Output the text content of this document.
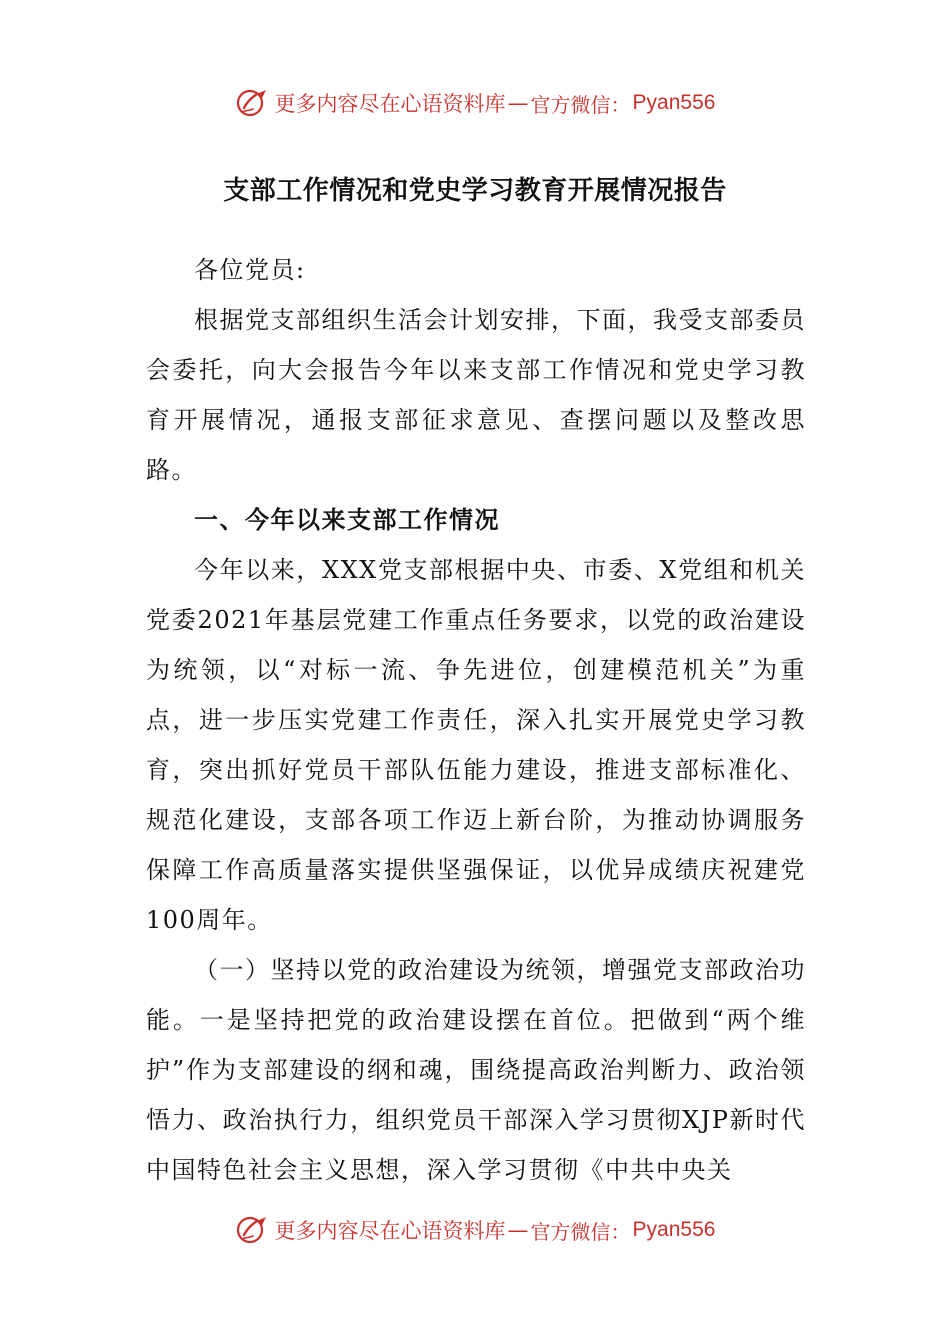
更多内容尽在心语资料库 — 官方微信： Pyan556
支部工作情况和党史学习教育开展情况报告

各位党员:

根据党支部组织生活会计划安排，下面，我受支部委员会委托，向大会报告今年以来支部工作情况和党史学习教育开展情况，通报支部征求意见、查摆问题以及整改思路。

一、今年以来支部工作情况

今年以来，XXX党支部根据中央、市委、X党组和机关党委2021年基层党建工作重点任务要求，以党的政治建设为统领，以“对标一流、争先进位，创建模范机关”为重点，进一步压实党建工作责任，深入扎实开展党史学习教育，突出抓好党员干部队伍能力建设，推进支部标准化、规范化建设，支部各项工作迈上新台阶，为推动协调服务保障工作高质量落实提供坚强保证，以优异成绩庆祝建党100周年。

（一）坚持以党的政治建设为统领，增强党支部政治功能。一是坚持把党的政治建设摆在首位。把做到“两个维护”作为支部建设的纲和魂，围绕提高政治判断力、政治领悟力、政治执行力，组织党员干部深入学习贯彻XJP新时代中国特色社会主义思想，深入学习贯彻《中共中央关

更多内容尽在心语资料库 — 官方微信： Pyan556
